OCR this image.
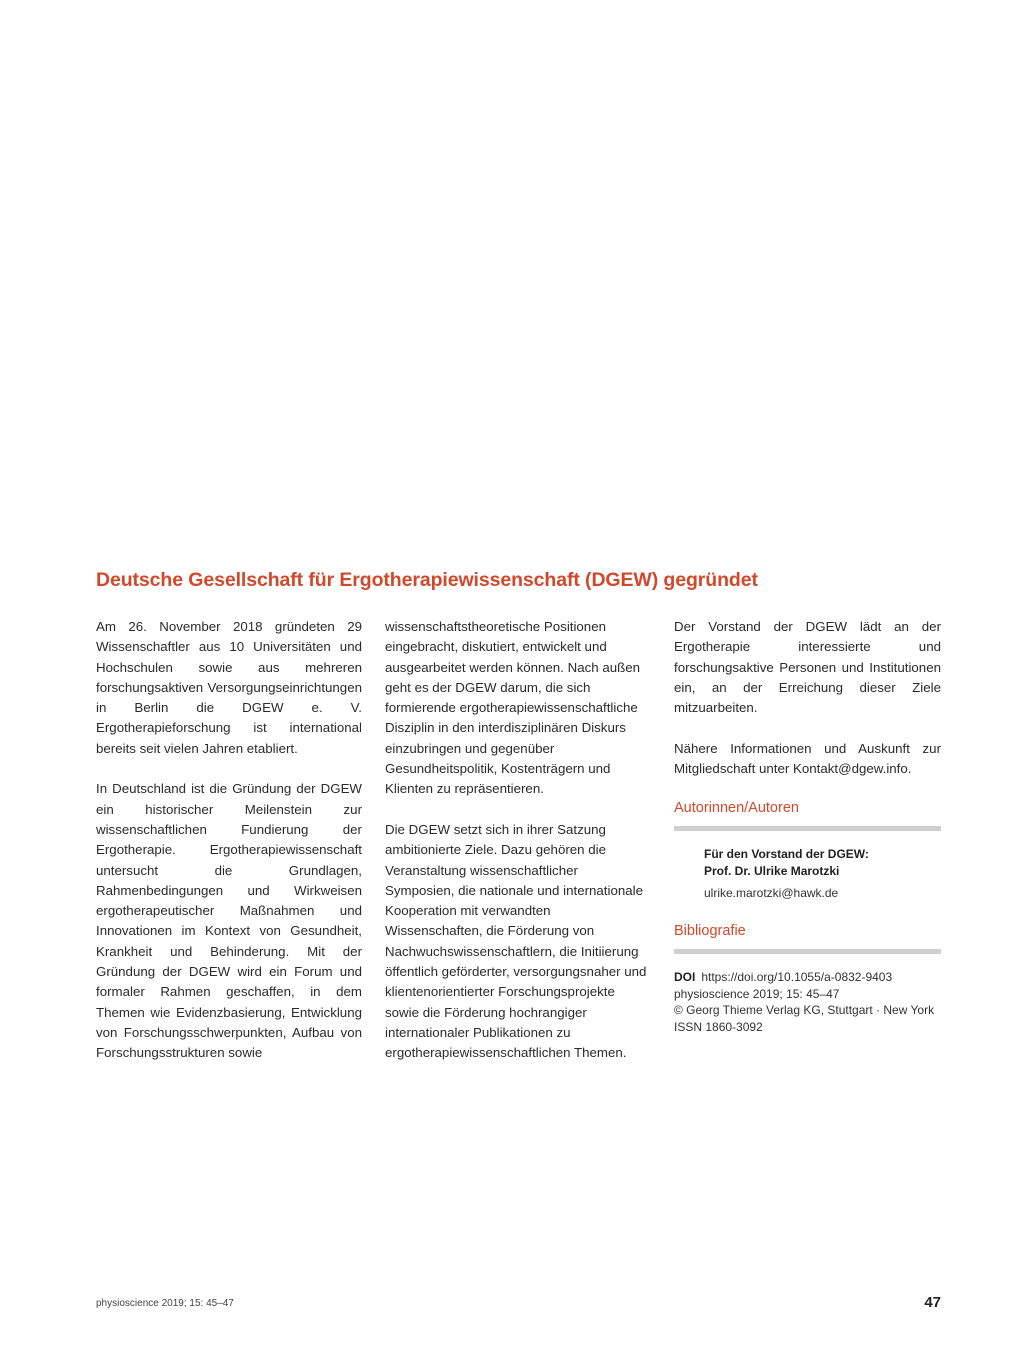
Deutsche Gesellschaft für Ergotherapiewissenschaft (DGEW) gegründet

Am 26. November 2018 gründeten 29 Wissenschaftler aus 10 Universitäten und Hochschulen sowie aus mehreren forschungsaktiven Versorgungseinrichtungen in Berlin die DGEW e. V. Ergotherapieforschung ist international bereits seit vielen Jahren etabliert.

In Deutschland ist die Gründung der DGEW ein historischer Meilenstein zur wissenschaftlichen Fundierung der Ergotherapie. Ergotherapiewissenschaft untersucht die Grundlagen, Rahmenbedingungen und Wirkweisen ergotherapeutischer Maßnahmen und Innovationen im Kontext von Gesundheit, Krankheit und Behinderung. Mit der Gründung der DGEW wird ein Forum und formaler Rahmen geschaffen, in dem Themen wie Evidenzbasierung, Entwicklung von Forschungsschwerpunkten, Aufbau von Forschungsstrukturen sowie

wissenschaftstheoretische Positionen eingebracht, diskutiert, entwickelt und ausgearbeitet werden können. Nach außen geht es der DGEW darum, die sich formierende ergotherapiewissenschaftliche Disziplin in den interdisziplinären Diskurs einzubringen und gegenüber Gesundheitspolitik, Kostenträgern und Klienten zu repräsentieren.

Die DGEW setzt sich in ihrer Satzung ambitionierte Ziele. Dazu gehören die Veranstaltung wissenschaftlicher Symposien, die nationale und internationale Kooperation mit verwandten Wissenschaften, die Förderung von Nachwuchswissenschaftlern, die Initiierung öffentlich geförderter, versorgungsnaher und klientenorientierter Forschungsprojekte sowie die Förderung hochrangiger internationaler Publikationen zu ergotherapiewissenschaftlichen Themen.

Der Vorstand der DGEW lädt an der Ergotherapie interessierte und forschungsaktive Personen und Institutionen ein, an der Erreichung dieser Ziele mitzuarbeiten.

Nähere Informationen und Auskunft zur Mitgliedschaft unter Kontakt@dgew.info.

Autorinnen/Autoren
Für den Vorstand der DGEW:
Prof. Dr. Ulrike Marotzki
ulrike.marotzki@hawk.de
Bibliografie
DOI https://doi.org/10.1055/a-0832-9403
physioscience 2019; 15: 45–47
© Georg Thieme Verlag KG, Stuttgart · New York
ISSN 1860-3092
physioscience 2019; 15: 45–47	47
